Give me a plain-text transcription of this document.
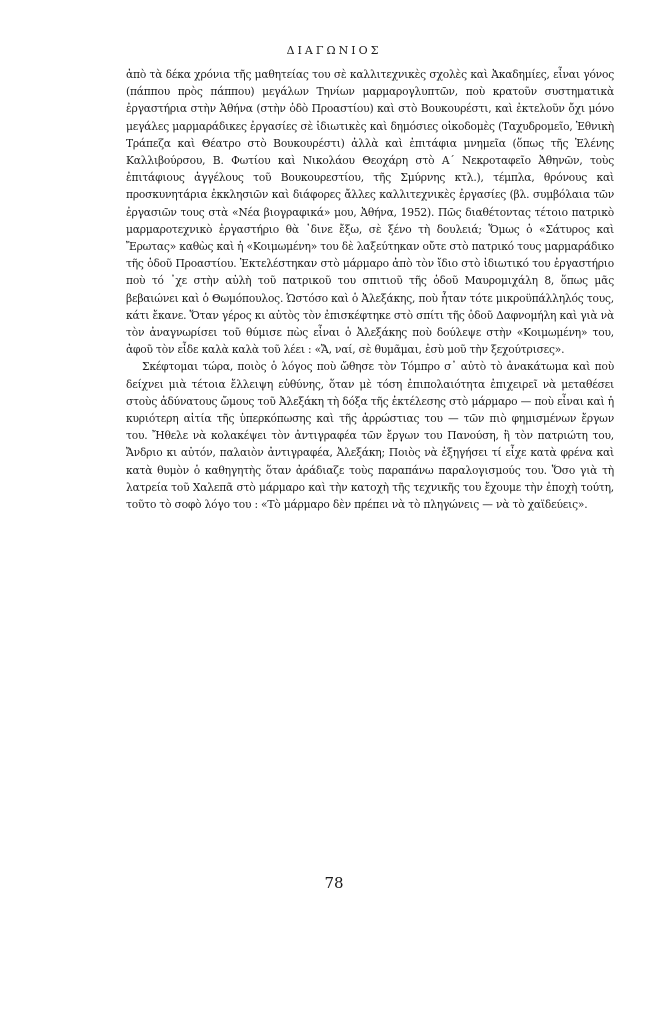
ΔΙΑΓΩΝΙΟΣ

ἀπὸ τὰ δέκα χρόνια τῆς μαθητείας του σὲ καλλιτεχνικὲς σχολὲς καὶ Ἀκαδημίες, εἶναι γόνος (πάππου πρὸς πάππου) μεγάλων Τηνίων μαρμαρογλυπτῶν, ποὺ κρατοῦν συστηματικὰ ἐργαστήρια στὴν Ἀθήνα (στὴν ὁδὸ Προαστίου) καὶ στὸ Βουκουρέστι, καὶ ἐκτελοῦν ὄχι μόνο μεγάλες μαρμαράδικες ἐργασίες σὲ ἰδιωτικὲς καὶ δημόσιες οἰκοδομὲς (Ταχυδρομεῖο, Ἐθνικὴ Τράπεζα καὶ Θέατρο στὸ Βουκουρέστι) ἀλλὰ καὶ ἐπιτάφια μνημεῖα (ὅπως τῆς Ἑλένης Καλλιβούρσου, Β. Φωτίου καὶ Νικολάου Θεοχάρη στὸ Α΄ Νεκροταφεῖο Ἀθηνῶν, τοὺς ἐπιτάφιους ἀγγέλους τοῦ Βουκουρεστίου, τῆς Σμύρνης κτλ.), τέμπλα, θρόνους καὶ προσκυνητάρια ἐκκλησιῶν καὶ διάφορες ἄλλες καλλιτεχνικὲς ἐργασίες (βλ. συμβόλαια τῶν ἐργασιῶν τους στὰ «Νέα βιογραφικά» μου, Ἀθήνα, 1952). Πῶς διαθέτοντας τέτοιο πατρικὸ μαρμαροτεχνικὸ ἐργαστήριο θὰ ᾽δινε ἔξω, σὲ ξένο τὴ δουλειά; Ὅμως ὁ «Σάτυρος καὶ Ἔρωτας» καθὼς καὶ ἡ «Κοιμωμένη» του δὲ λαξεύτηκαν οὔτε στὸ πατρικό τους μαρμαράδικο τῆς ὁδοῦ Προαστίου. Ἐκτελέστηκαν στὸ μάρμαρο ἀπὸ τὸν ἴδιο στὸ ἰδιωτικό του ἐργαστήριο ποὺ τό ᾽χε στὴν αὐλὴ τοῦ πατρικοῦ του σπιτιοῦ τῆς ὁδοῦ Μαυρομιχάλη 8, ὅπως μᾶς βεβαιώνει καὶ ὁ Θωμόπουλος. Ὡστόσο καὶ ὁ Ἀλεξάκης, ποὺ ἦταν τότε μικροϋπάλληλός τους, κάτι ἔκανε. Ὅταν γέρος κι αὐτὸς τὸν ἐπισκέφτηκε στὸ σπίτι τῆς ὁδοῦ Δαφνομήλη καὶ γιὰ νὰ τὸν ἀναγνωρίσει τοῦ θύμισε πὼς εἶναι ὁ Ἀλεξάκης ποὺ δούλεψε στὴν «Κοιμωμένη» του, ἀφοῦ τὸν εἶδε καλὰ καλὰ τοῦ λέει : «Ἄ, ναί, σὲ θυμᾶμαι, ἐσὺ μοῦ τὴν ξεχούτρισες».

Σκέφτομαι τώρα, ποιὸς ὁ λόγος ποὺ ὤθησε τὸν Τόμπρο σ᾽ αὐτὸ τὸ ἀνακάτωμα καὶ ποὺ δείχνει μιὰ τέτοια ἔλλειψη εὐθύνης, ὅταν μὲ τόση ἐπιπολαιότητα ἐπιχειρεῖ νὰ μεταθέσει στοὺς ἀδύνατους ὤμους τοῦ Ἀλεξάκη τὴ δόξα τῆς ἐκτέλεσης στὸ μάρμαρο — ποὺ εἶναι καὶ ἡ κυριότερη αἰτία τῆς ὑπερκόπωσης καὶ τῆς ἀρρώστιας του — τῶν πιὸ φημισμένων ἔργων του. Ἤθελε νὰ κολακέψει τὸν ἀντιγραφέα τῶν ἔργων του Πανούση, ἢ τὸν πατριώτη του, Ἄνδριο κι αὐτόν, παλαιὸν ἀντιγραφέα, Ἀλεξάκη; Ποιὸς νὰ ἐξηγήσει τί εἶχε κατὰ φρένα καὶ κατὰ θυμὸν ὁ καθηγητὴς ὅταν ἀράδιαζε τοὺς παραπάνω παραλογισμούς του. Ὅσο γιὰ τὴ λατρεία τοῦ Χαλεπᾶ στὸ μάρμαρο καὶ τὴν κατοχὴ τῆς τεχνικῆς του ἔχουμε τὴν ἐποχὴ τούτη, τοῦτο τὸ σοφὸ λόγο του : «Τὸ μάρμαρο δὲν πρέπει νὰ τὸ πληγώνεις — νὰ τὸ χαϊδεύεις».

78
